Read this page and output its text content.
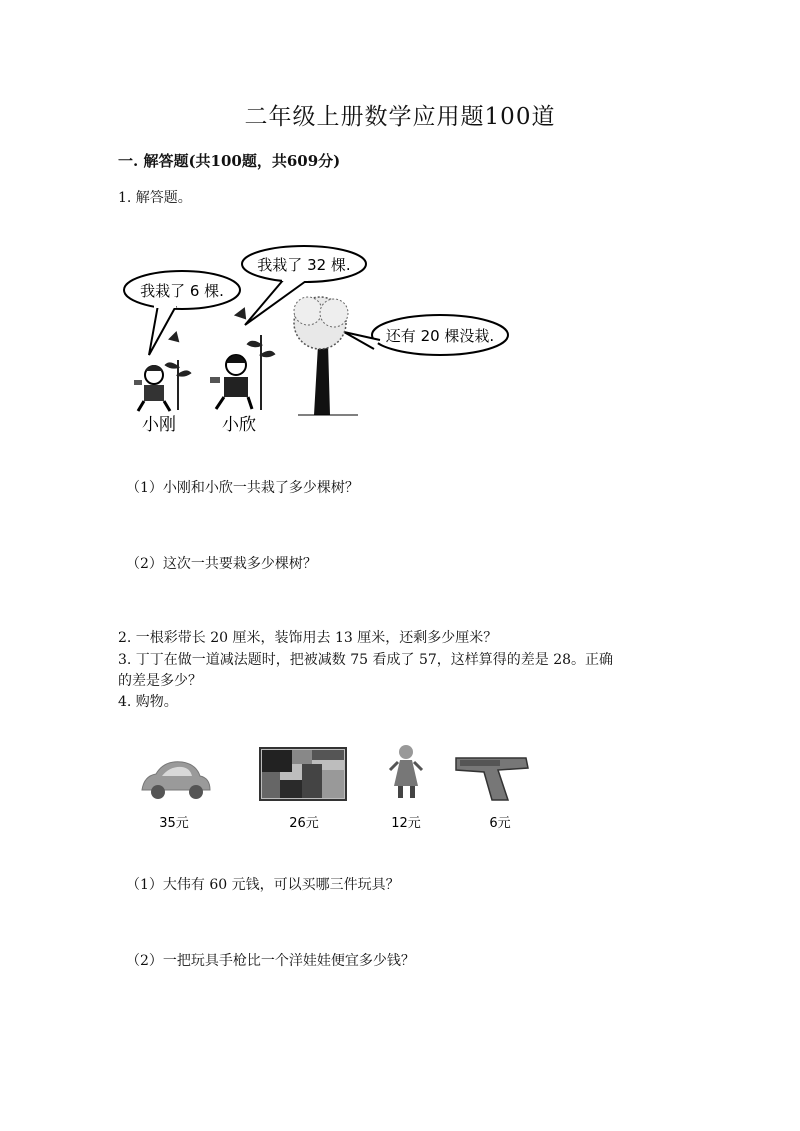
二年级上册数学应用题100道
一. 解答题(共100题，共609分)
1. 解答题。
我栽了 6 棵.
我栽了 32 棵.
还有 20 棵没栽.
小刚	小欣
（1）小刚和小欣一共栽了多少棵树？
（2）这次一共要栽多少棵树？
2. 一根彩带长 20 厘米，装饰用去 13 厘米，还剩多少厘米？
3. 丁丁在做一道减法题时，把被减数 75 看成了 57，这样算得的差是 28。正确
的差是多少？
4. 购物。
35元	26元	12元	6元
（1）大伟有 60 元钱，可以买哪三件玩具？
（2）一把玩具手枪比一个洋娃娃便宜多少钱？
